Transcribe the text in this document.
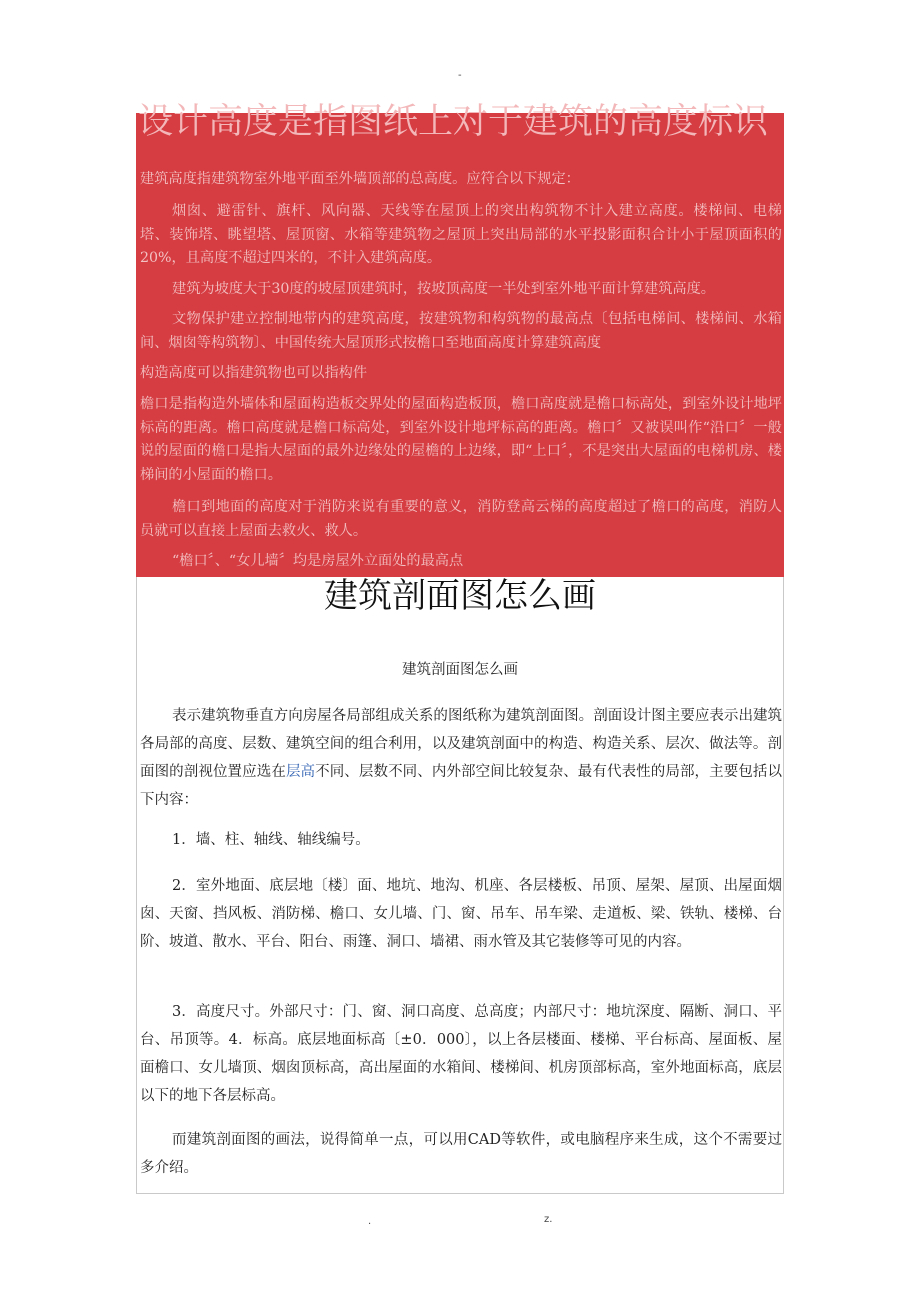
-
设计高度是指图纸上对于建筑的高度标识

建筑高度指建筑物室外地平面至外墙顶部的总高度。应符合以下规定：

烟囱、避雷针、旗杆、风向器、天线等在屋顶上的突出构筑物不计入建立高度。楼梯间、电梯塔、装饰塔、眺望塔、屋顶窗、水箱等建筑物之屋顶上突出局部的水平投影面积合计小于屋顶面积的20%，且高度不超过四米的，不计入建筑高度。

建筑为坡度大于30度的坡屋顶建筑时，按坡顶高度一半处到室外地平面计算建筑高度。

文物保护建立控制地带内的建筑高度，按建筑物和构筑物的最高点〔包括电梯间、楼梯间、水箱间、烟囱等构筑物〕、中国传统大屋顶形式按檐口至地面高度计算建筑高度

构造高度可以指建筑物也可以指构件

檐口是指构造外墙体和屋面构造板交界处的屋面构造板顶，檐口高度就是檐口标高处，到室外设计地坪标高的距离。檐口高度就是檐口标高处，到室外设计地坪标高的距离。檐口〞又被误叫作“沿口〞一般说的屋面的檐口是指大屋面的最外边缘处的屋檐的上边缘，即“上口〞，不是突出大屋面的电梯机房、楼梯间的小屋面的檐口。

檐口到地面的高度对于消防来说有重要的意义，消防登高云梯的高度超过了檐口的高度，消防人员就可以直接上屋面去救火、救人。

“檐口〞、“女儿墙〞均是房屋外立面处的最高点

建筑剖面图怎么画

建筑剖面图怎么画

表示建筑物垂直方向房屋各局部组成关系的图纸称为建筑剖面图。剖面设计图主要应表示出建筑各局部的高度、层数、建筑空间的组合利用，以及建筑剖面中的构造、构造关系、层次、做法等。剖面图的剖视位置应选在层高不同、层数不同、内外部空间比较复杂、最有代表性的局部，主要包括以下内容：

1．墙、柱、轴线、轴线编号。

2．室外地面、底层地〔楼〕面、地坑、地沟、机座、各层楼板、吊顶、屋架、屋顶、出屋面烟囱、天窗、挡风板、消防梯、檐口、女儿墙、门、窗、吊车、吊车梁、走道板、梁、铁轨、楼梯、台阶、坡道、散水、平台、阳台、雨篷、洞口、墙裙、雨水管及其它装修等可见的内容。

3．高度尺寸。外部尺寸：门、窗、洞口高度、总高度；内部尺寸：地坑深度、隔断、洞口、平台、吊顶等。4．标高。底层地面标高〔±0．000〕，以上各层楼面、楼梯、平台标高、屋面板、屋面檐口、女儿墙顶、烟囱顶标高，高出屋面的水箱间、楼梯间、机房顶部标高，室外地面标高，底层以下的地下各层标高。

而建筑剖面图的画法，说得简单一点，可以用CAD等软件，或电脑程序来生成，这个不需要过多介绍。

.	z.
